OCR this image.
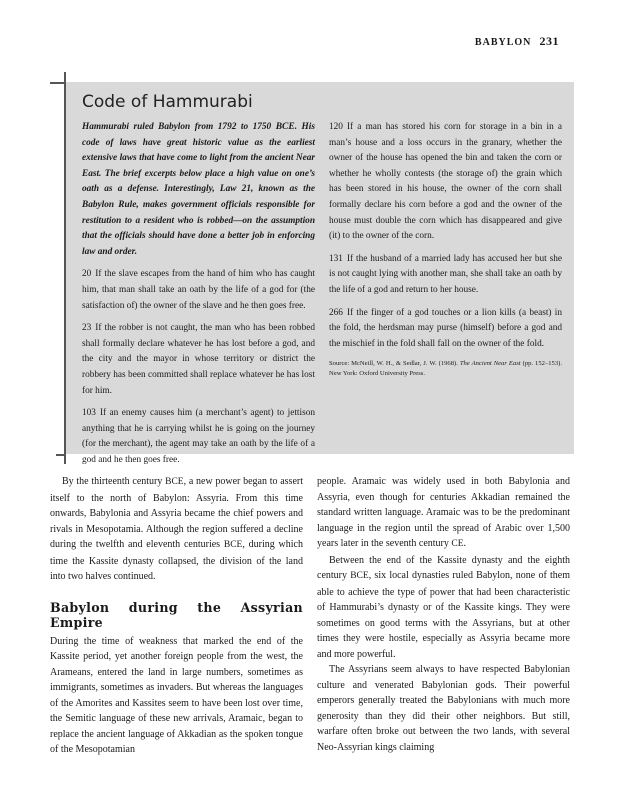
BABYLON 231
Code of Hammurabi

Hammurabi ruled Babylon from 1792 to 1750 BCE. His code of laws have great historic value as the earliest extensive laws that have come to light from the ancient Near East. The brief excerpts below place a high value on one’s oath as a defense. Interestingly, Law 21, known as the Babylon Rule, makes government officials responsible for restitution to a resident who is robbed—on the assumption that the officials should have done a better job in enforcing law and order.

20 If the slave escapes from the hand of him who has caught him, that man shall take an oath by the life of a god for (the satisfaction of) the owner of the slave and he then goes free.

23 If the robber is not caught, the man who has been robbed shall formally declare whatever he has lost before a god, and the city and the mayor in whose territory or district the robbery has been committed shall replace whatever he has lost for him.

103 If an enemy causes him (a merchant’s agent) to jettison anything that he is carrying whilst he is going on the journey (for the merchant), the agent may take an oath by the life of a god and he then goes free.

120 If a man has stored his corn for storage in a bin in a man’s house and a loss occurs in the granary, whether the owner of the house has opened the bin and taken the corn or whether he wholly contests (the storage of) the grain which has been stored in his house, the owner of the corn shall formally declare his corn before a god and the owner of the house must double the corn which has disappeared and give (it) to the owner of the corn.

131 If the husband of a married lady has accused her but she is not caught lying with another man, she shall take an oath by the life of a god and return to her house.

266 If the finger of a god touches or a lion kills (a beast) in the fold, the herdsman may purse (himself) before a god and the mischief in the fold shall fall on the owner of the fold.

Source: McNeill, W. H., & Sedlar, J. W. (1968). The Ancient Near East (pp. 152–153). New York: Oxford University Press.

By the thirteenth century BCE, a new power began to assert itself to the north of Babylon: Assyria. From this time onwards, Babylonia and Assyria became the chief powers and rivals in Mesopotamia. Although the region suffered a decline during the twelfth and eleventh centuries BCE, during which time the Kassite dynasty collapsed, the division of the land into two halves continued.

Babylon during the Assyrian Empire

During the time of weakness that marked the end of the Kassite period, yet another foreign people from the west, the Arameans, entered the land in large numbers, sometimes as immigrants, sometimes as invaders. But whereas the languages of the Amorites and Kassites seem to have been lost over time, the Semitic language of these new arrivals, Aramaic, began to replace the ancient language of Akkadian as the spoken tongue of the Mesopotamian

people. Aramaic was widely used in both Babylonia and Assyria, even though for centuries Akkadian remained the standard written language. Aramaic was to be the predominant language in the region until the spread of Arabic over 1,500 years later in the seventh century CE.

Between the end of the Kassite dynasty and the eighth century BCE, six local dynasties ruled Babylon, none of them able to achieve the type of power that had been characteristic of Hammurabi’s dynasty or of the Kassite kings. They were sometimes on good terms with the Assyrians, but at other times they were hostile, especially as Assyria became more and more powerful.

The Assyrians seem always to have respected Babylonian culture and venerated Babylonian gods. Their powerful emperors generally treated the Babylonians with much more generosity than they did their other neighbors. But still, warfare often broke out between the two lands, with several Neo-Assyrian kings claiming
